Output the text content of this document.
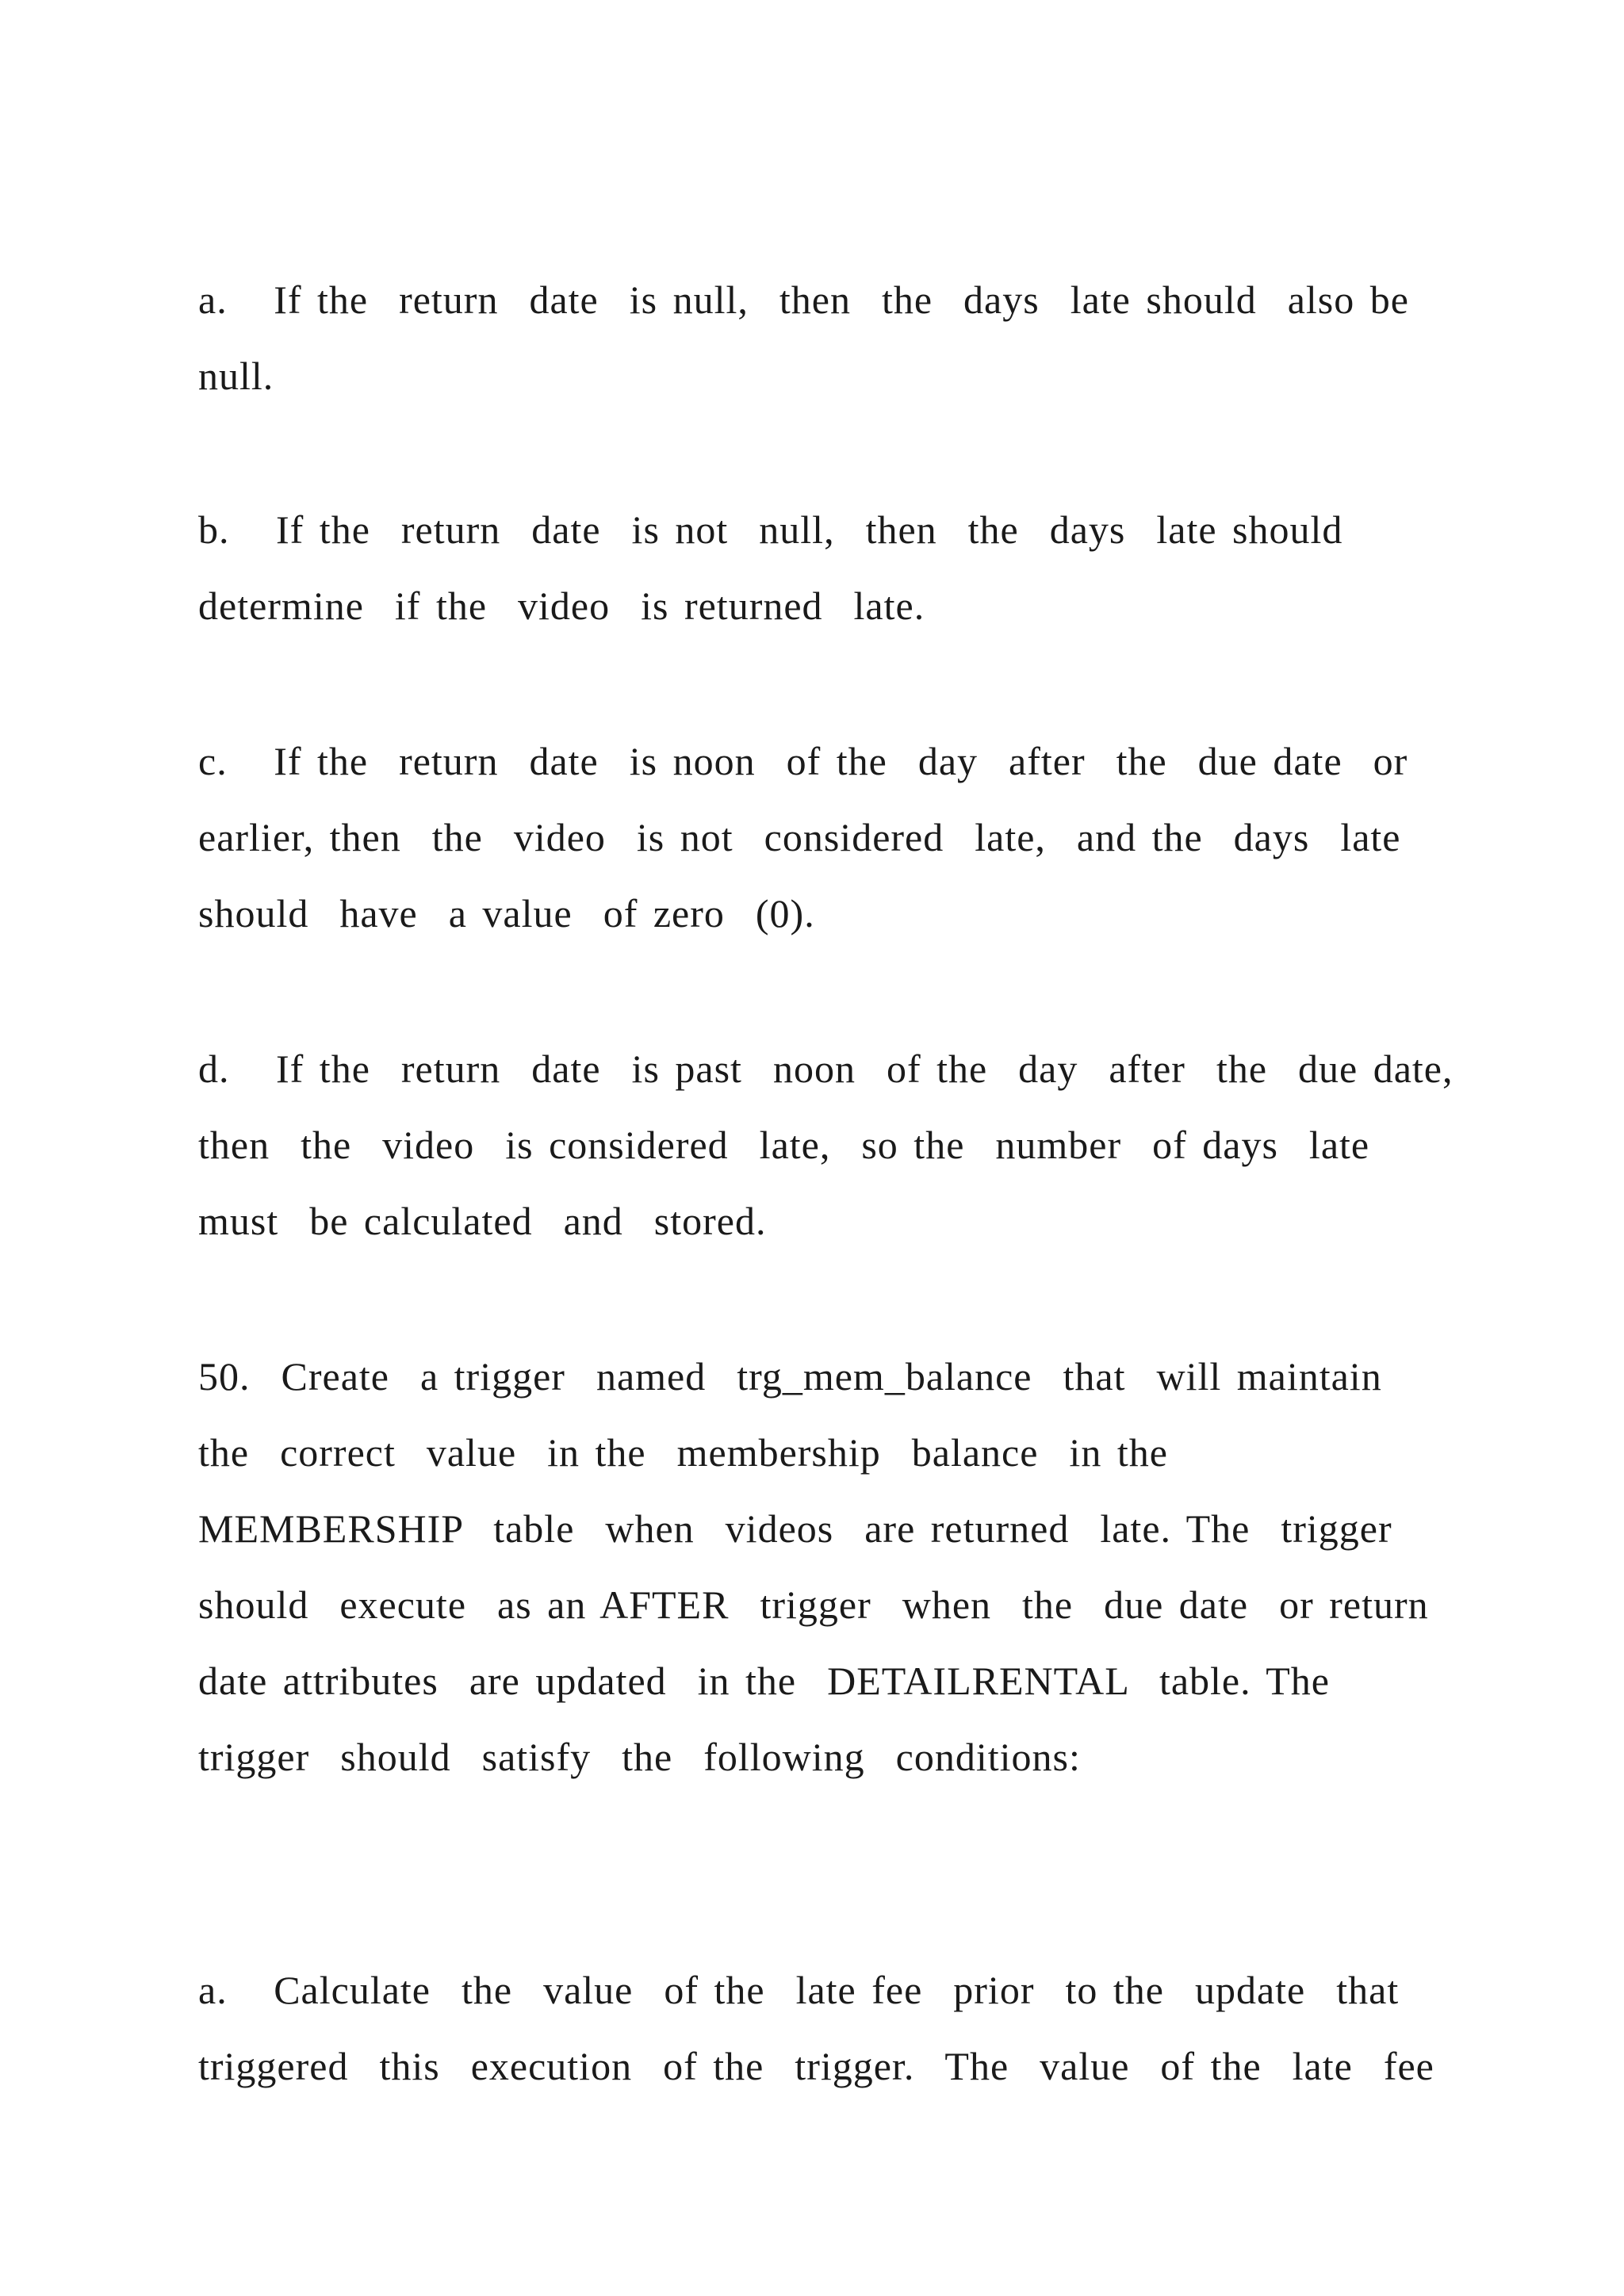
a.   If the  return  date  is null,  then  the  days  late should  also be
null.

b.   If the  return  date  is not  null,  then  the  days  late should
determine  if the  video  is returned  late.

c.   If the  return  date  is noon  of the  day  after  the  due date  or
earlier, then  the  video  is not  considered  late,  and the  days  late
should  have  a value  of zero  (0).

d.   If the  return  date  is past  noon  of the  day  after  the  due date,
then  the  video  is considered  late,  so the  number  of days  late
must  be calculated  and  stored.

50.  Create  a trigger  named  trg_mem_balance  that  will maintain
the  correct  value  in the  membership  balance  in the
MEMBERSHIP  table  when  videos  are returned  late. The  trigger
should  execute  as an AFTER  trigger  when  the  due date  or return
date attributes  are updated  in the  DETAILRENTAL  table. The
trigger  should  satisfy  the  following  conditions:

a.   Calculate  the  value  of the  late fee  prior  to the  update  that
triggered  this  execution  of the  trigger.  The  value  of the  late  fee
